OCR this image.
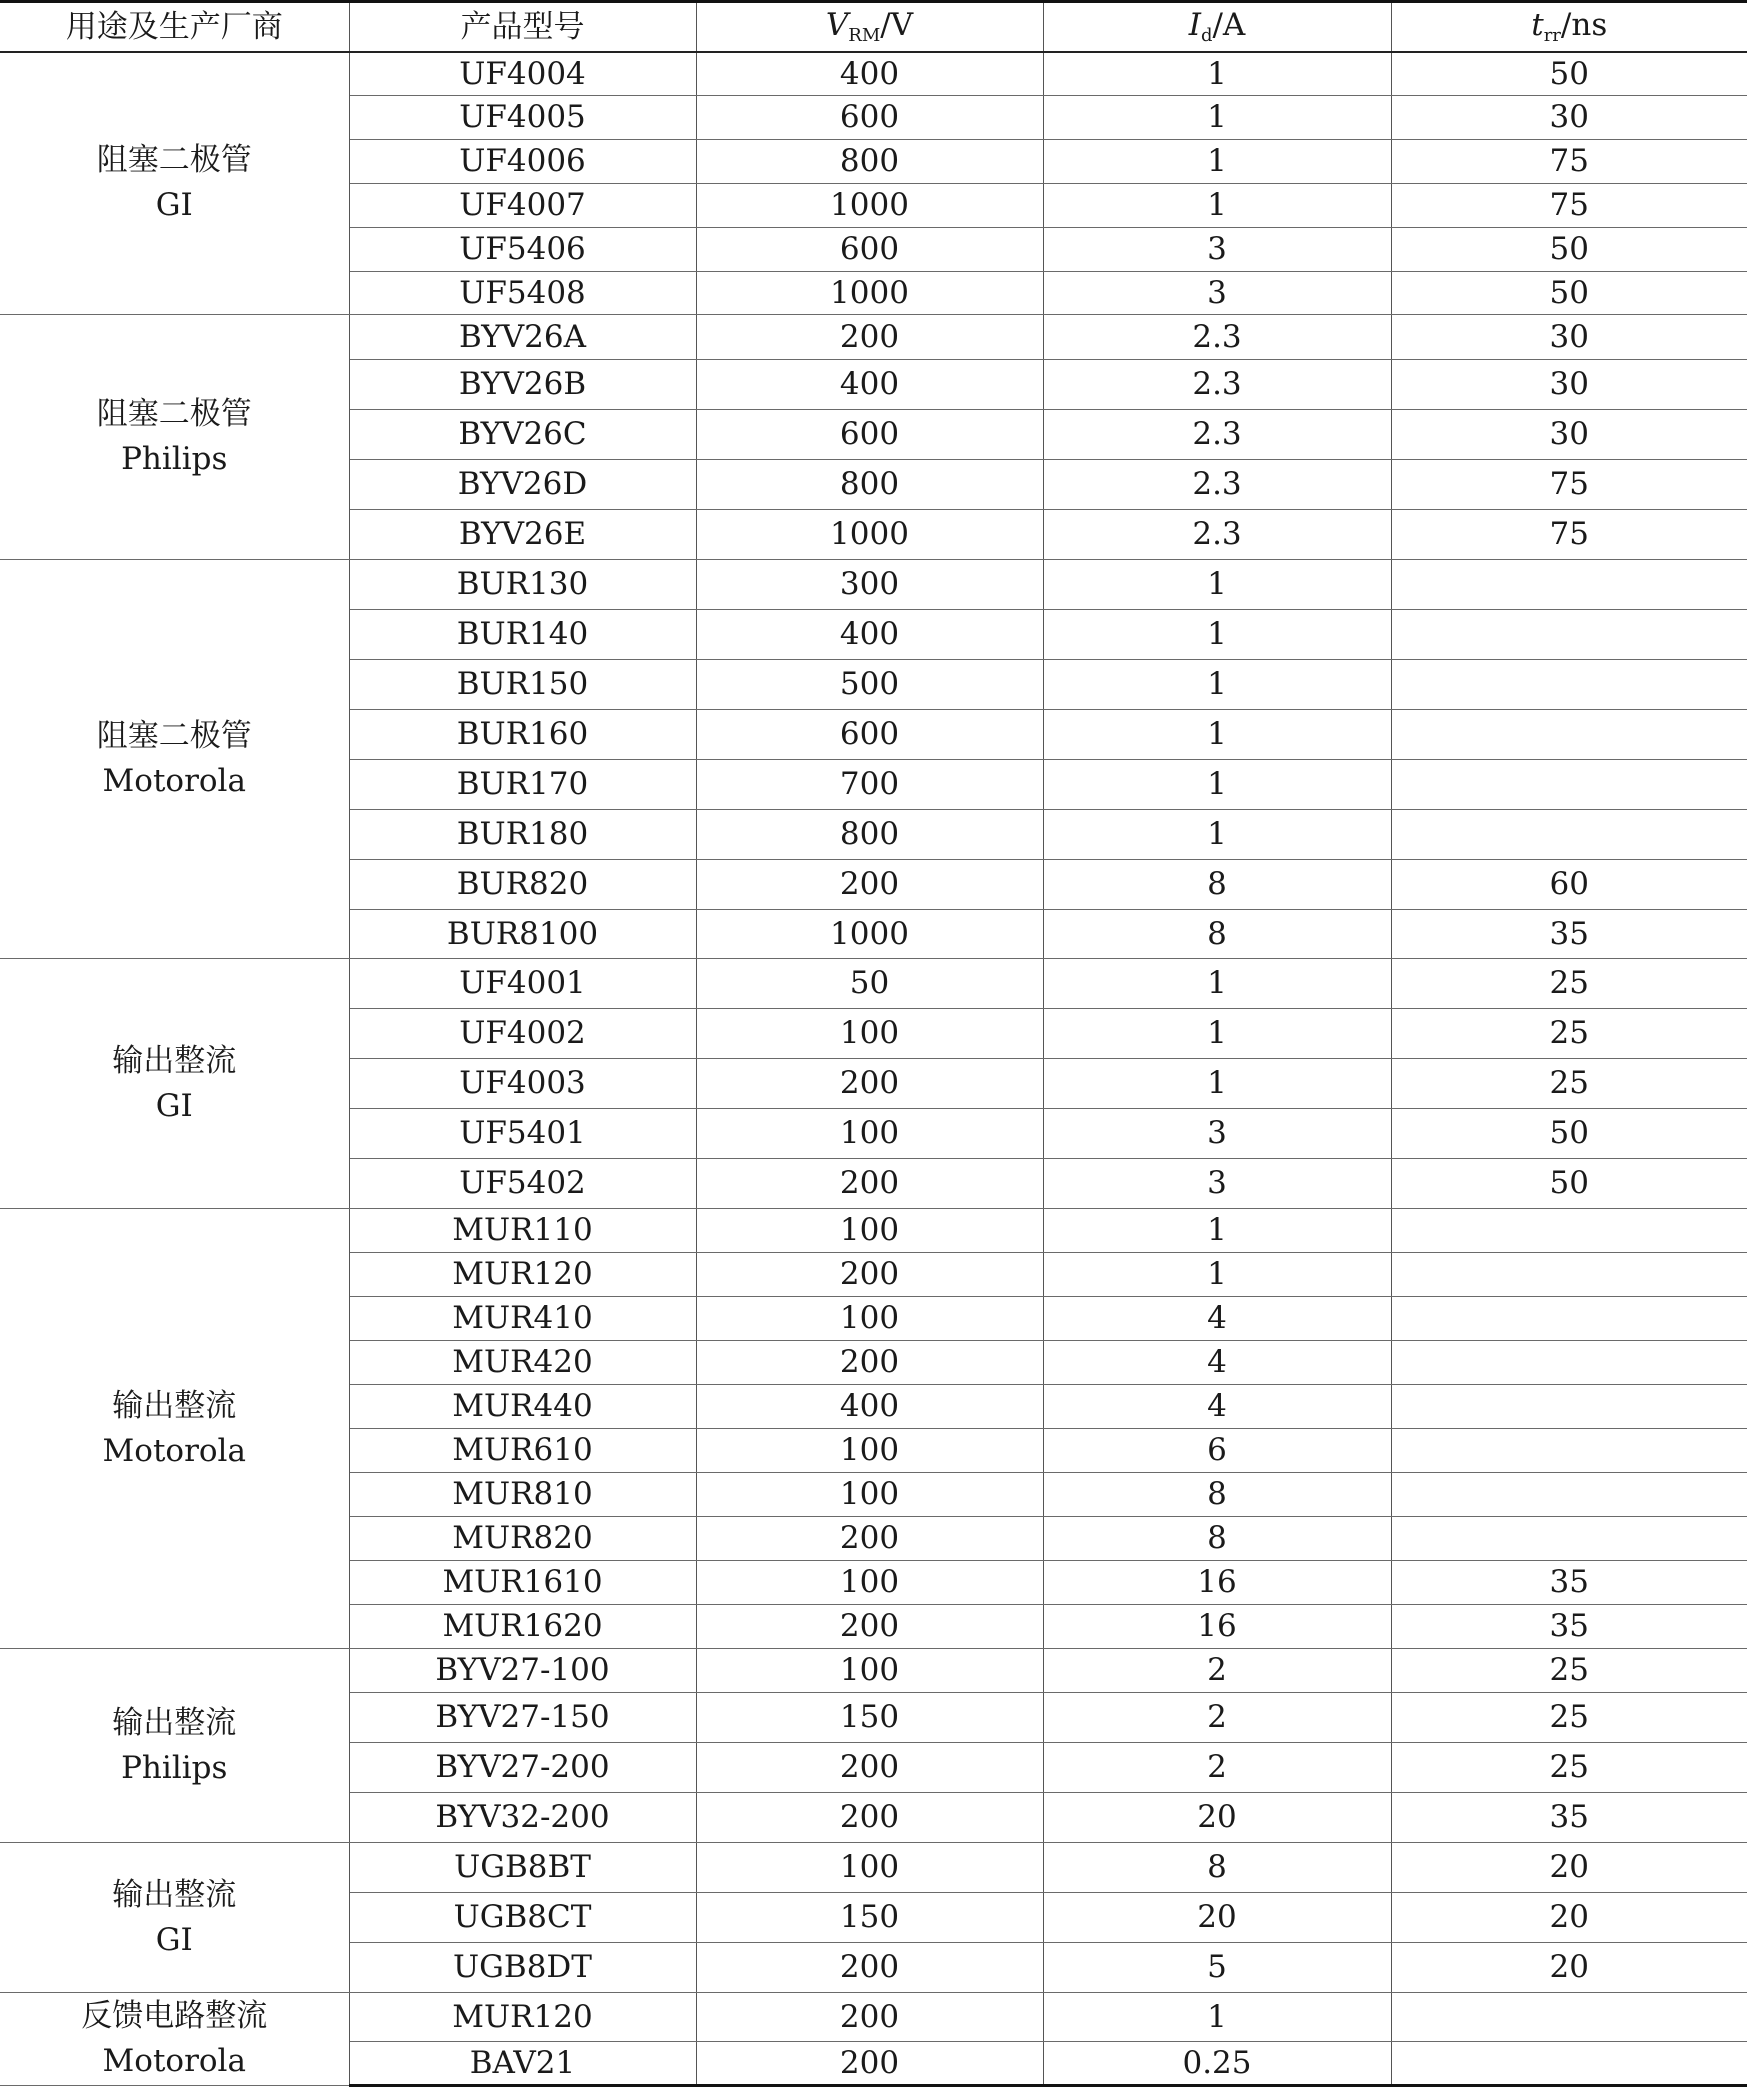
用途及生产厂商	产品型号	$V_{RM}/V$	$I_d/A$	$t_{rr}/ns$

阻塞二极管
GI	UF4004	400	1	50
	UF4005	600	1	30
	UF4006	800	1	75
	UF4007	1000	1	75
	UF5406	600	3	50
	UF5408	1000	3	50

阻塞二极管
Philips	BYV26A	200	2.3	30
	BYV26B	400	2.3	30
	BYV26C	600	2.3	30
	BYV26D	800	2.3	75
	BYV26E	1000	2.3	75

阻塞二极管
Motorola	BUR130	300	1	
	BUR140	400	1	
	BUR150	500	1	
	BUR160	600	1	
	BUR170	700	1	
	BUR180	800	1	
	BUR820	200	8	60
	BUR8100	1000	8	35

输出整流
GI	UF4001	50	1	25
	UF4002	100	1	25
	UF4003	200	1	25
	UF5401	100	3	50
	UF5402	200	3	50

输出整流
Motorola	MUR110	100	1	
	MUR120	200	1	
	MUR410	100	4	
	MUR420	200	4	
	MUR440	400	4	
	MUR610	100	6	
	MUR810	100	8	
	MUR820	200	8	
	MUR1610	100	16	35
	MUR1620	200	16	35

输出整流
Philips	BYV27-100	100	2	25
	BYV27-150	150	2	25
	BYV27-200	200	2	25
	BYV32-200	200	20	35

输出整流
GI	UGB8BT	100	8	20
	UGB8CT	150	20	20
	UGB8DT	200	5	20

反馈电路整流
Motorola	MUR120	200	1	
	BAV21	200	0.25	
